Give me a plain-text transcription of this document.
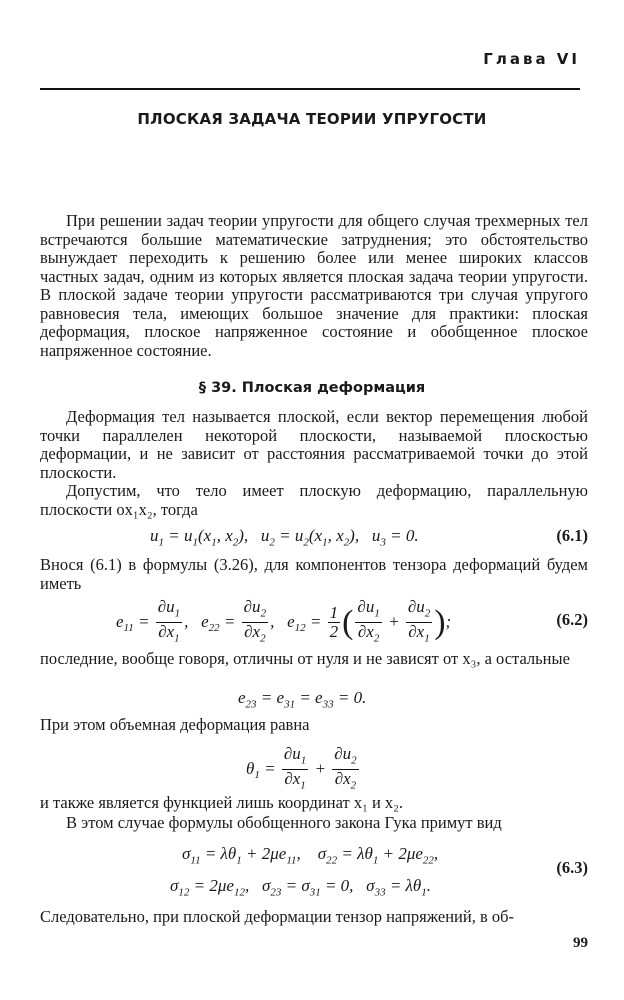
Глава VI
ПЛОСКАЯ ЗАДАЧА ТЕОРИИ УПРУГОСТИ
При решении задач теории упругости для общего случая трехмерных тел встречаются большие математические затруднения; это обстоятельство вынуждает переходить к решению более или менее широких классов частных задач, одним из которых является плоская задача теории упругости. В плоской задаче теории упругости рассматриваются три случая упругого равновесия тела, имеющих большое значение для практики: плоская деформация, плоское напряженное состояние и обобщенное плоское напряженное состояние.
§ 39. Плоская деформация
Деформация тел называется плоской, если вектор перемещения любой точки параллелен некоторой плоскости, называемой плоскостью деформации, и не зависит от расстояния рассматриваемой точки до этой плоскости.
Допустим, что тело имеет плоскую деформацию, параллельную плоскости ox₁x₂, тогда
$u_1 = u_1(x_1$, $x_2$),   $u_2 = u_2(x_1$, $x_2$),   $u_3 = 0$.	(6.1)
Внося (6.1) в формулы (3.26), для компонентов тензора деформаций будем иметь
$e_{11} = \frac{\partial u_1}{\partial x_1}$ ,   $e_{22} = \frac{\partial u_2}{\partial x_2}$ ,   $e_{12} = \frac{1}{2}$ ( $\frac{\partial u_1}{\partial x_2} + \frac{\partial u_2}{\partial x_1}$ );	(6.2)
последние, вообще говоря, отличны от нуля и не зависят от x₃, а остальные
$e_{23} = e_{31} = e_{33} = 0$.
При этом объемная деформация равна
$\theta_1 = \frac{\partial u_1}{\partial x_1} + \frac{\partial u_2}{\partial x_2}$
и также является функцией лишь координат x₁ и x₂.
В этом случае формулы обобщенного закона Гука примут вид
$\sigma_{11} = \lambda\theta_1 + 2\mu e_{11}$,    $\sigma_{22} = \lambda\theta_1 + 2\mu e_{22}$,
$\sigma_{12} = 2\mu e_{12}$,   $\sigma_{23} = \sigma_{31} = 0$,   $\sigma_{33} = \lambda\theta_1$.
(6.3)
Следовательно, при плоской деформации тензор напряжений, в об-
99
